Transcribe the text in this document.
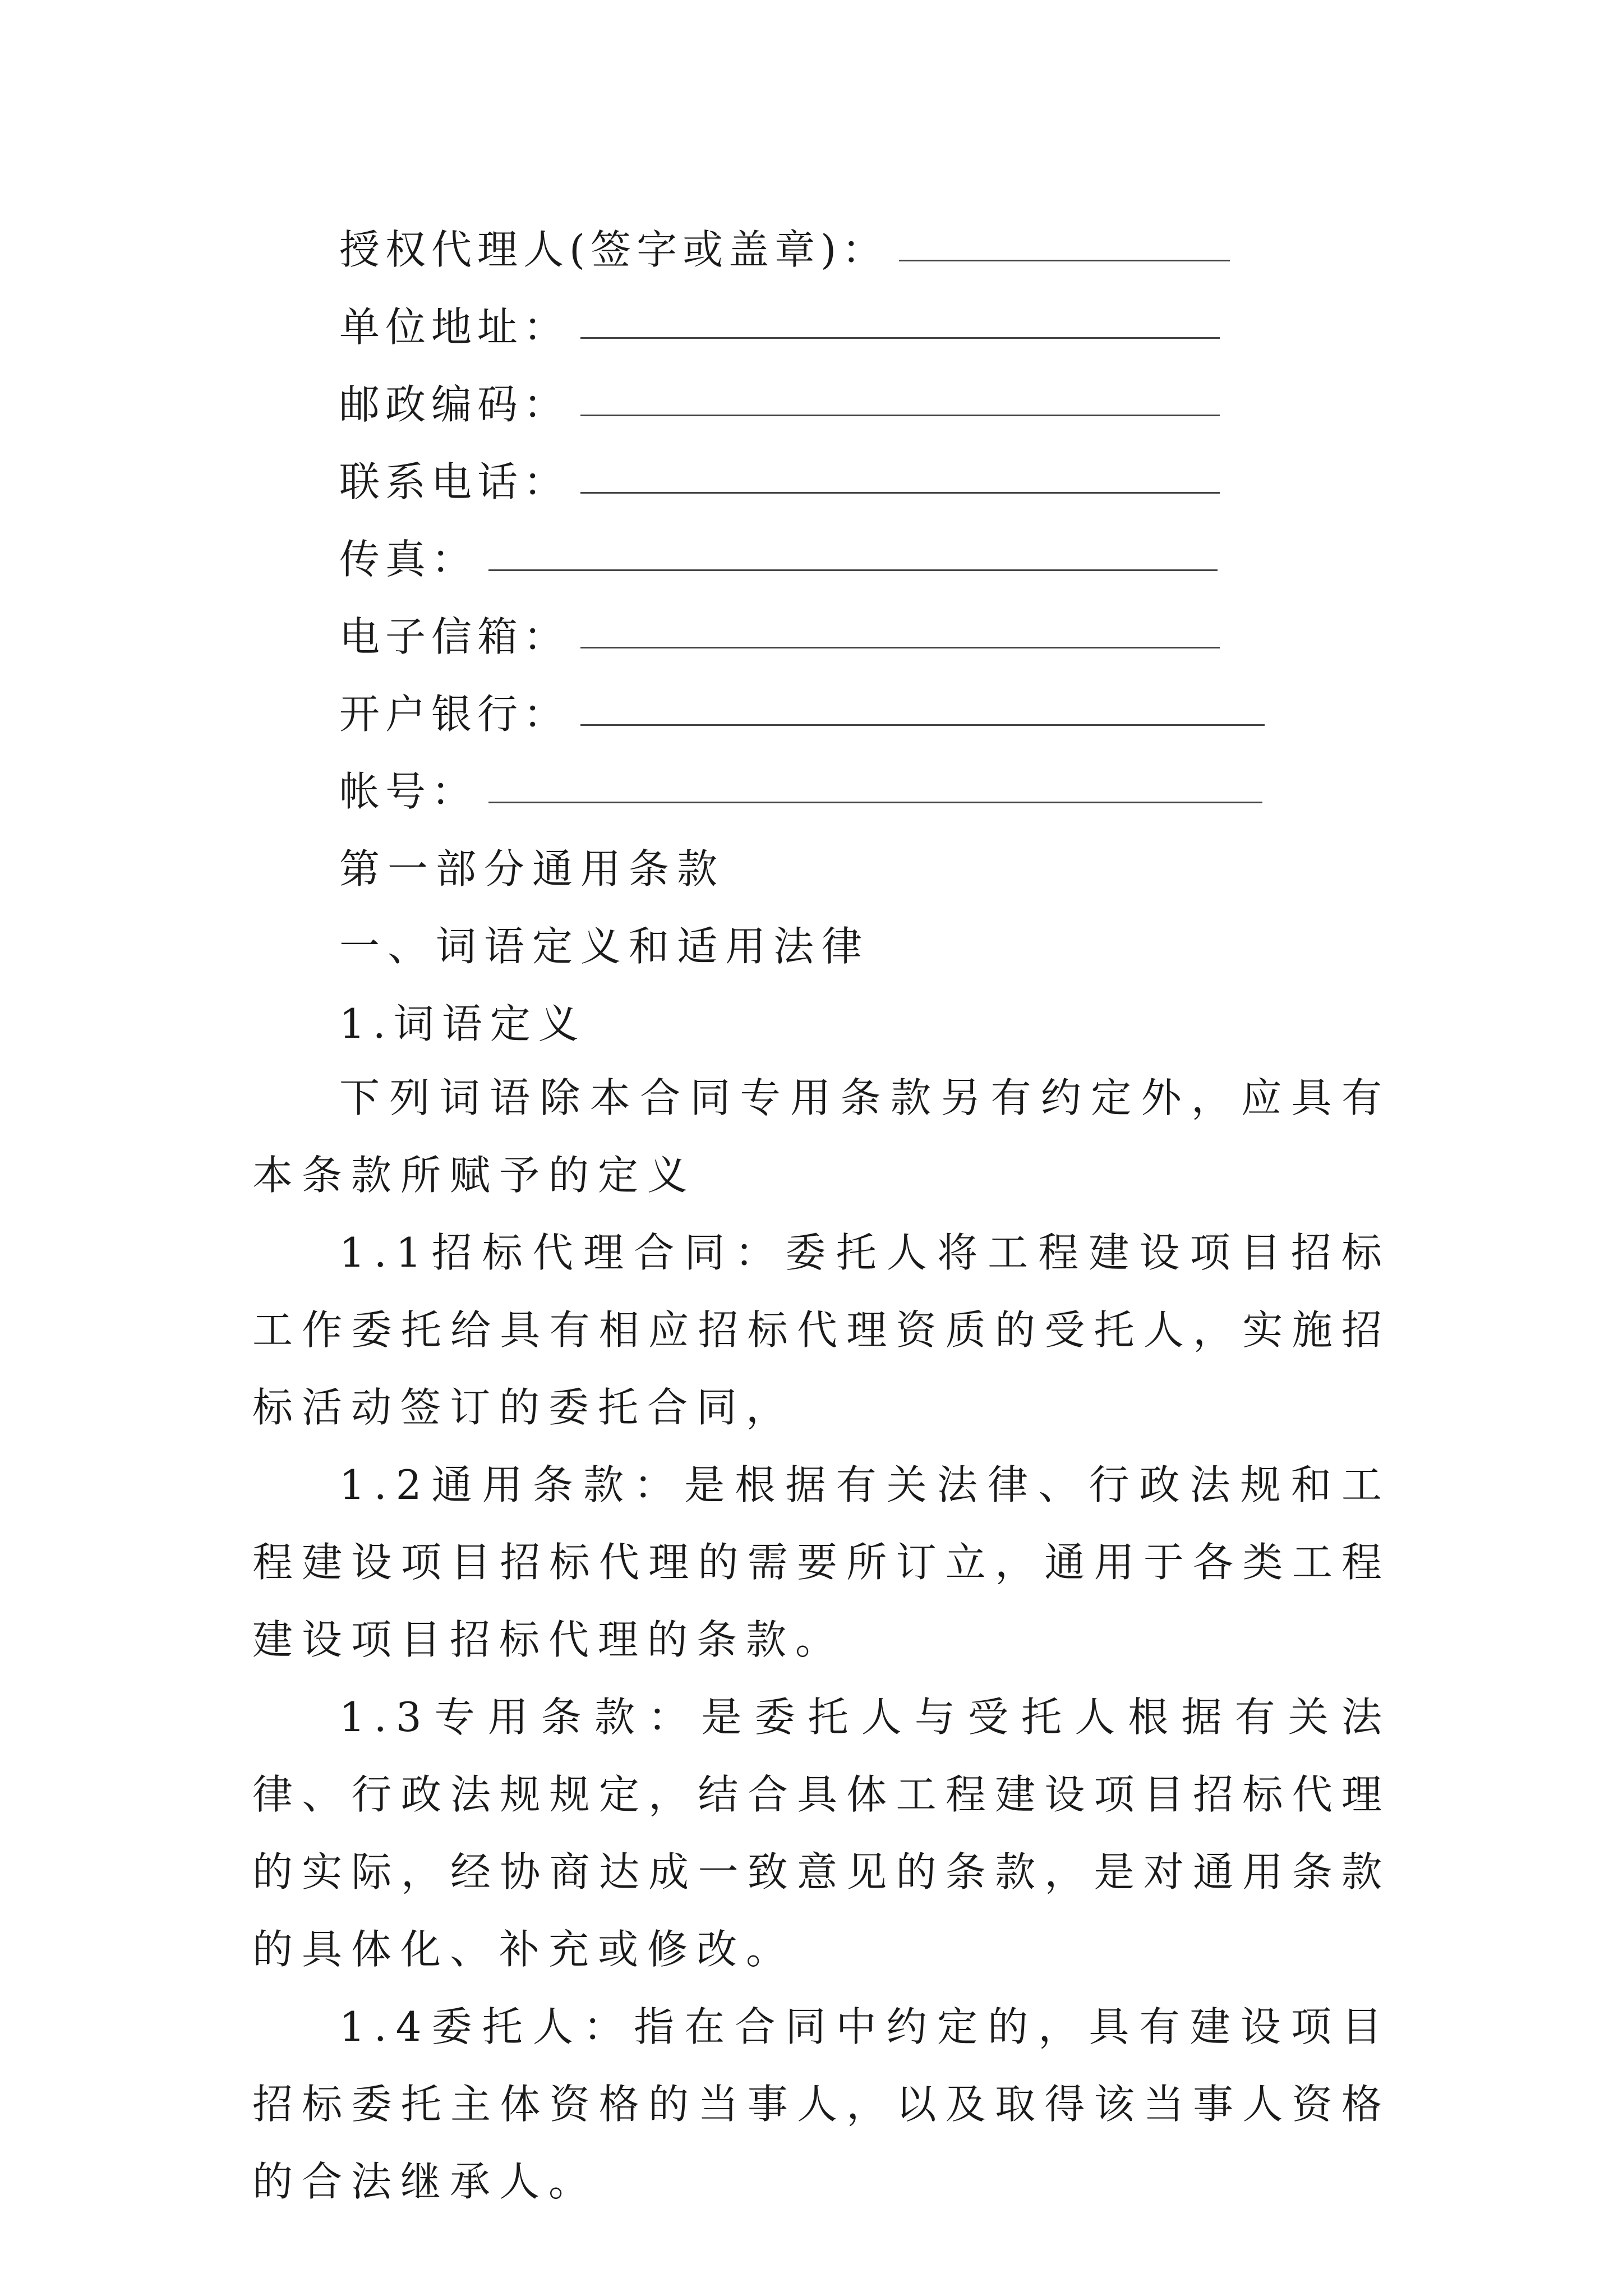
授权代理人(签字或盖章)：
单位地址：
邮政编码：
联系电话：
传真：
电子信箱：
开户银行：
帐号：
第一部分通用条款
一、词语定义和适用法律
1.词语定义

下列词语除本合同专用条款另有约定外，应具有本条款所赋予的定义

1.1招标代理合同：委托人将工程建设项目招标工作委托给具有相应招标代理资质的受托人，实施招标活动签订的委托合同，

1.2通用条款：是根据有关法律、行政法规和工程建设项目招标代理的需要所订立，通用于各类工程建设项目招标代理的条款。

1.3专用条款：是委托人与受托人根据有关法律、行政法规规定，结合具体工程建设项目招标代理的实际，经协商达成一致意见的条款，是对通用条款的具体化、补充或修改。

1.4委托人：指在合同中约定的，具有建设项目招标委托主体资格的当事人，以及取得该当事人资格的合法继承人。
